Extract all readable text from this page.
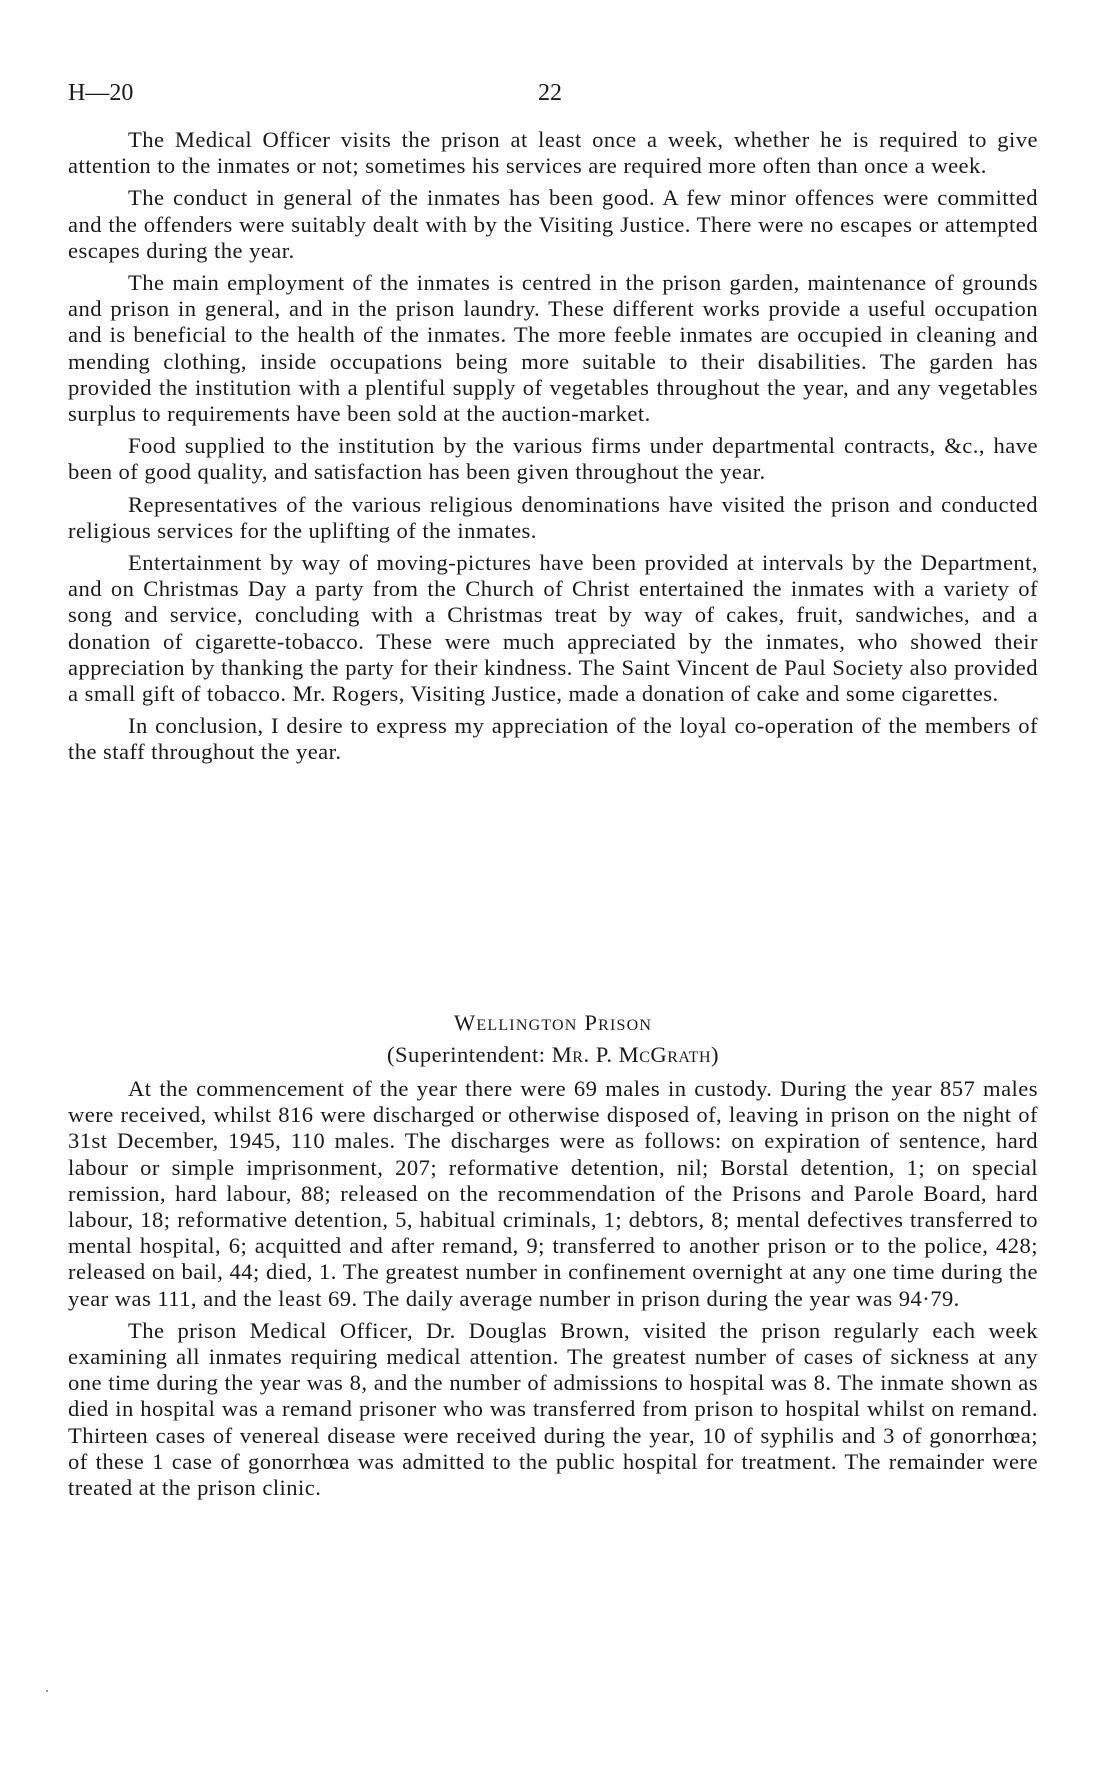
H—20	22

The Medical Officer visits the prison at least once a week, whether he is required to give attention to the inmates or not; sometimes his services are required more often than once a week.

The conduct in general of the inmates has been good. A few minor offences were committed and the offenders were suitably dealt with by the Visiting Justice. There were no escapes or attempted escapes during the year.

The main employment of the inmates is centred in the prison garden, maintenance of grounds and prison in general, and in the prison laundry. These different works provide a useful occupation and is beneficial to the health of the inmates. The more feeble inmates are occupied in cleaning and mending clothing, inside occupations being more suitable to their disabilities. The garden has provided the institution with a plentiful supply of vegetables throughout the year, and any vegetables surplus to requirements have been sold at the auction-market.

Food supplied to the institution by the various firms under departmental contracts, &c., have been of good quality, and satisfaction has been given throughout the year.

Representatives of the various religious denominations have visited the prison and conducted religious services for the uplifting of the inmates.

Entertainment by way of moving-pictures have been provided at intervals by the Department, and on Christmas Day a party from the Church of Christ entertained the inmates with a variety of song and service, concluding with a Christmas treat by way of cakes, fruit, sandwiches, and a donation of cigarette-tobacco. These were much appreciated by the inmates, who showed their appreciation by thanking the party for their kindness. The Saint Vincent de Paul Society also provided a small gift of tobacco. Mr. Rogers, Visiting Justice, made a donation of cake and some cigarettes.

In conclusion, I desire to express my appreciation of the loyal co-operation of the members of the staff throughout the year.

Wellington Prison

(Superintendent: Mr. P. McGrath)

At the commencement of the year there were 69 males in custody. During the year 857 males were received, whilst 816 were discharged or otherwise disposed of, leaving in prison on the night of 31st December, 1945, 110 males. The discharges were as follows: on expiration of sentence, hard labour or simple imprisonment, 207; reformative detention, nil; Borstal detention, 1; on special remission, hard labour, 88; released on the recommendation of the Prisons and Parole Board, hard labour, 18; reformative detention, 5, habitual criminals, 1; debtors, 8; mental defectives transferred to mental hospital, 6; acquitted and after remand, 9; transferred to another prison or to the police, 428; released on bail, 44; died, 1. The greatest number in confinement overnight at any one time during the year was 111, and the least 69. The daily average number in prison during the year was 94·79.

The prison Medical Officer, Dr. Douglas Brown, visited the prison regularly each week examining all inmates requiring medical attention. The greatest number of cases of sickness at any one time during the year was 8, and the number of admissions to hospital was 8. The inmate shown as died in hospital was a remand prisoner who was transferred from prison to hospital whilst on remand. Thirteen cases of venereal disease were received during the year, 10 of syphilis and 3 of gonorrhœa; of these 1 case of gonorrhœa was admitted to the public hospital for treatment. The remainder were treated at the prison clinic.
